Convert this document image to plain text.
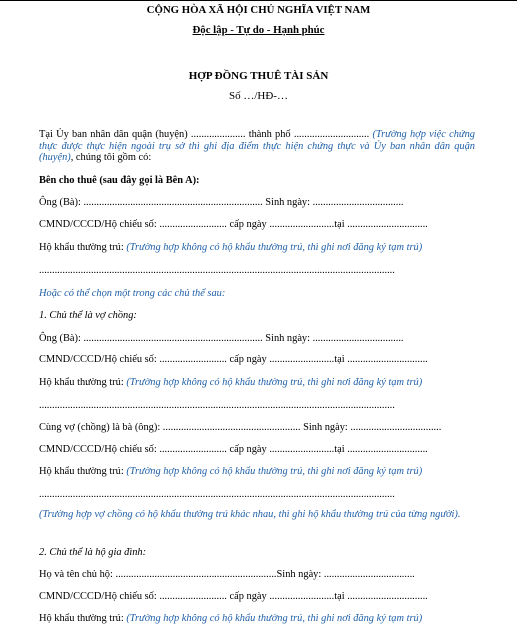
CỘNG HÒA XÃ HỘI CHỦ NGHĨA VIỆT NAM
Độc lập - Tự do - Hạnh phúc
HỢP ĐỒNG THUÊ TÀI SẢN
Số …/HĐ-…
Tại Ủy ban nhân dân quận (huyện) ..................... thành phố ............................. (Trường hợp việc chứng thực được thực hiện ngoài trụ sở thì ghi địa điểm thực hiện chứng thực và Ủy ban nhân dân quận (huyện), chúng tôi gồm có:
Bên cho thuê (sau đây gọi là Bên A):
Ông (Bà): ..................................................................... Sinh ngày: ...................................
CMND/CCCD/Hộ chiếu số: .......................... cấp ngày .........................tại ...............................
Hộ khẩu thường trú: (Trường hợp không có hộ khẩu thường trú, thì ghi nơi đăng ký tạm trú)
.........................................................................................................................................
Hoặc có thể chọn một trong các chủ thể sau:
1. Chủ thể là vợ chồng:
Ông (Bà): ..................................................................... Sinh ngày: ...................................
CMND/CCCD/Hộ chiếu số: .......................... cấp ngày .........................tại ...............................
Hộ khẩu thường trú: (Trường hợp không có hộ khẩu thường trú, thì ghi nơi đăng ký tạm trú)
.........................................................................................................................................
Cùng vợ (chồng) là bà (ông): ..................................................... Sinh ngày: ...................................
CMND/CCCD/Hộ chiếu số: .......................... cấp ngày .........................tại ...............................
Hộ khẩu thường trú: (Trường hợp không có hộ khẩu thường trú, thì ghi nơi đăng ký tạm trú)
.........................................................................................................................................
(Trường hợp vợ chồng có hộ khẩu thường trú khác nhau, thì ghi hộ khẩu thường trú của từng người).
2. Chủ thể là hộ gia đình:
Họ và tên chủ hộ: ..............................................................Sinh ngày: ...................................
CMND/CCCD/Hộ chiếu số: .......................... cấp ngày .........................tại ...............................
Hộ khẩu thường trú: (Trường hợp không có hộ khẩu thường trú, thì ghi nơi đăng ký tạm trú)
